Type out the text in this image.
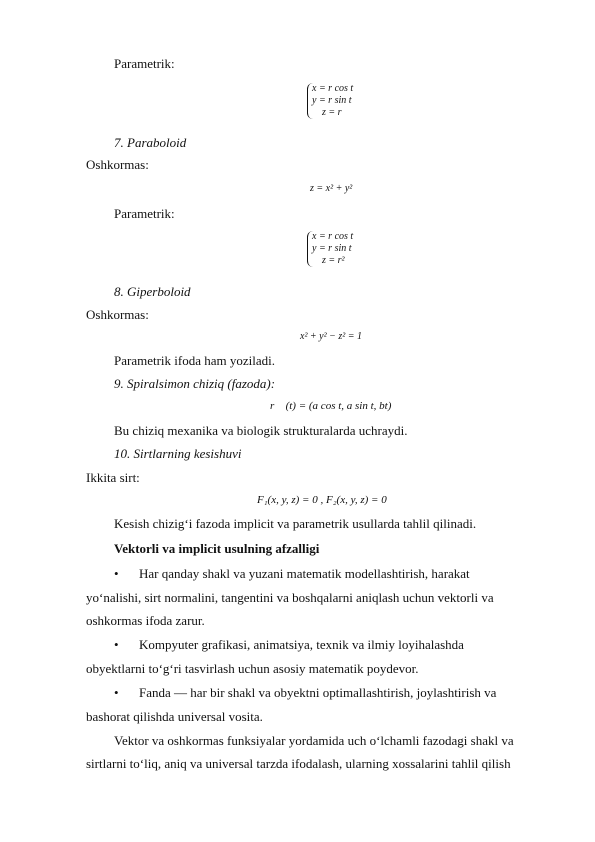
Parametrik:
x = r cos t
y = r sin t
z = r
7. Paraboloid
Oshkormas:
z = x² + y²
Parametrik:
x = r cos t
y = r sin t
z = r²
8. Giperboloid
Oshkormas:
x² + y² − z² = 1
Parametrik ifoda ham yoziladi.
9. Spiralsimon chiziq (fazoda):
r⃗ (t) = (a cos t, a sin t, bt)
Bu chiziq mexanika va biologik strukturalarda uchraydi.
10. Sirtlarning kesishuvi
Ikkita sirt:
F₁(x, y, z) = 0 , F₂(x, y, z) = 0
Kesish chizig‘i fazoda implicit va parametrik usullarda tahlil qilinadi.
Vektorli va implicit usulning afzalligi
• Har qanday shakl va yuzani matematik modellashtirish, harakat
yo‘nalishi, sirt normalini, tangentini va boshqalarni aniqlash uchun vektorli va
oshkormas ifoda zarur.
• Kompyuter grafikasi, animatsiya, texnik va ilmiy loyihalashda
obyektlarni to‘g‘ri tasvirlash uchun asosiy matematik poydevor.
• Fanda — har bir shakl va obyektni optimallashtirish, joylashtirish va
bashorat qilishda universal vosita.
Vektor va oshkormas funksiyalar yordamida uch o‘lchamli fazodagi shakl va
sirtlarni to‘liq, aniq va universal tarzda ifodalash, ularning xossalarini tahlil qilish
